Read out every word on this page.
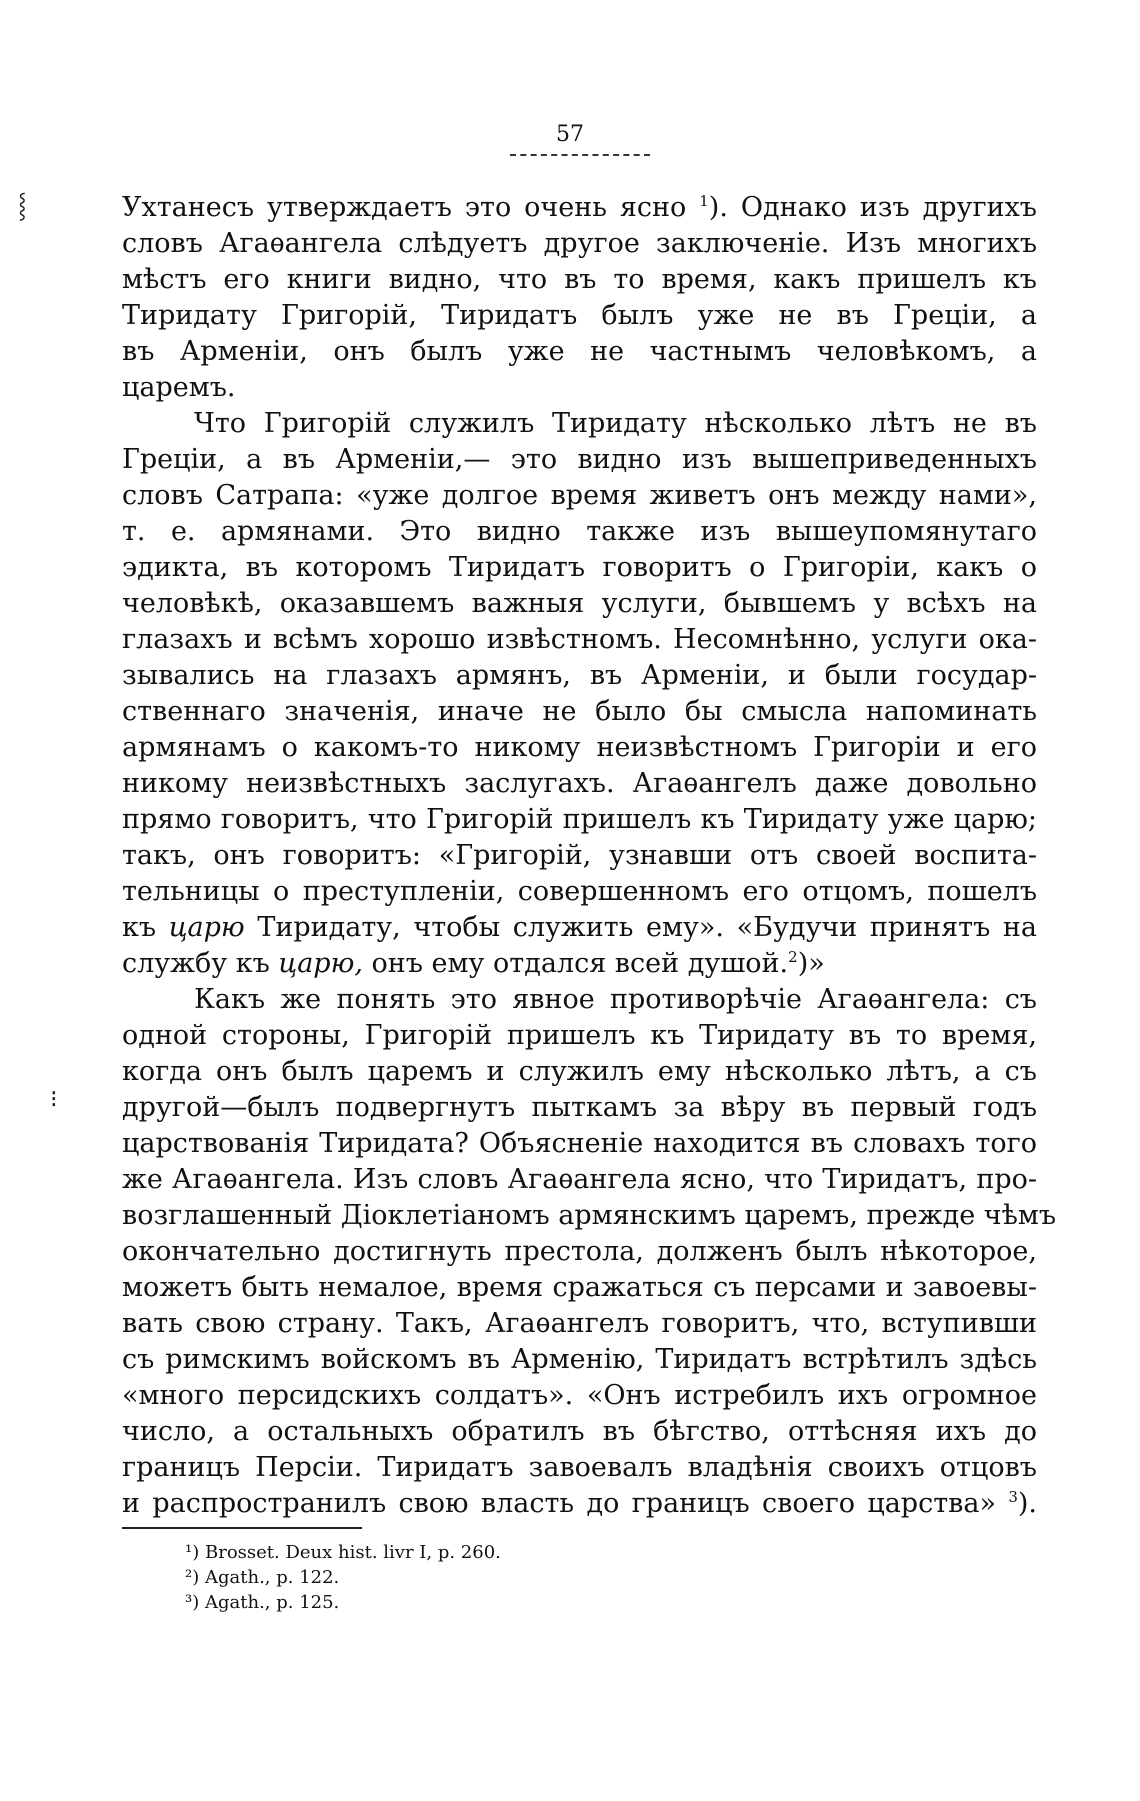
57
⸾
⁝
Ухтанесъ утверждаетъ это очень ясно $^1$). Однако изъ другихъ
словъ Агаѳангела слѣдуетъ другое заключеніе. Изъ многихъ
мѣстъ его книги видно, что въ то время, какъ пришелъ къ
Тиридату Григорій, Тиридатъ былъ уже не въ Греціи, а
въ Арменіи, онъ былъ уже не частнымъ человѣкомъ, а
царемъ.
Что Григорій служилъ Тиридату нѣсколько лѣтъ не въ
Греціи, а въ Арменіи,— это видно изъ вышеприведенныхъ
словъ Сатрапа: «уже долгое время живетъ онъ между нами»,
т. е. армянами. Это видно также изъ вышеупомянутаго
эдикта, въ которомъ Тиридатъ говоритъ о Григоріи, какъ о
человѣкѣ, оказавшемъ важныя услуги, бывшемъ у всѣхъ на
глазахъ и всѣмъ хорошо извѣстномъ. Несомнѣнно, услуги ока-
зывались на глазахъ армянъ, въ Арменіи, и были государ-
ственнаго значенія, иначе не было бы смысла напоминать
армянамъ о какомъ-то никому неизвѣстномъ Григоріи и его
никому неизвѣстныхъ заслугахъ. Агаѳангелъ даже довольно
прямо говоритъ, что Григорій пришелъ къ Тиридату уже царю;
такъ, онъ говоритъ: «Григорій, узнавши отъ своей воспита-
тельницы о преступленіи, совершенномъ его отцомъ, пошелъ
къ царю Тиридату, чтобы служить ему». «Будучи принятъ на
службу къ царю, онъ ему отдался всей душой.$^2$)»
Какъ же понять это явное противорѣчіе Агаѳангела: съ
одной стороны, Григорій пришелъ къ Тиридату въ то время,
когда онъ былъ царемъ и служилъ ему нѣсколько лѣтъ, а съ
другой—былъ подвергнутъ пыткамъ за вѣру въ первый годъ
царствованія Тиридата? Объясненіе находится въ словахъ того
же Агаѳангела. Изъ словъ Агаѳангела ясно, что Тиридатъ, про-
возглашенный Діоклетіаномъ армянскимъ царемъ, прежде чѣмъ
окончательно достигнуть престола, долженъ былъ нѣкоторое,
можетъ быть немалое, время сражаться съ персами и завоевы-
вать свою страну. Такъ, Агаѳангелъ говоритъ, что, вступивши
съ римскимъ войскомъ въ Арменію, Тиридатъ встрѣтилъ здѣсь
«много персидскихъ солдатъ». «Онъ истребилъ ихъ огромное
число, а остальныхъ обратилъ въ бѣгство, оттѣсняя ихъ до
границъ Персіи. Тиридатъ завоевалъ владѣнія своихъ отцовъ
и распространилъ свою власть до границъ своего царства» $^3$).
¹) Brosset. Deux hist. livr I, p. 260.
²) Agath., p. 122.
³) Agath., p. 125.
